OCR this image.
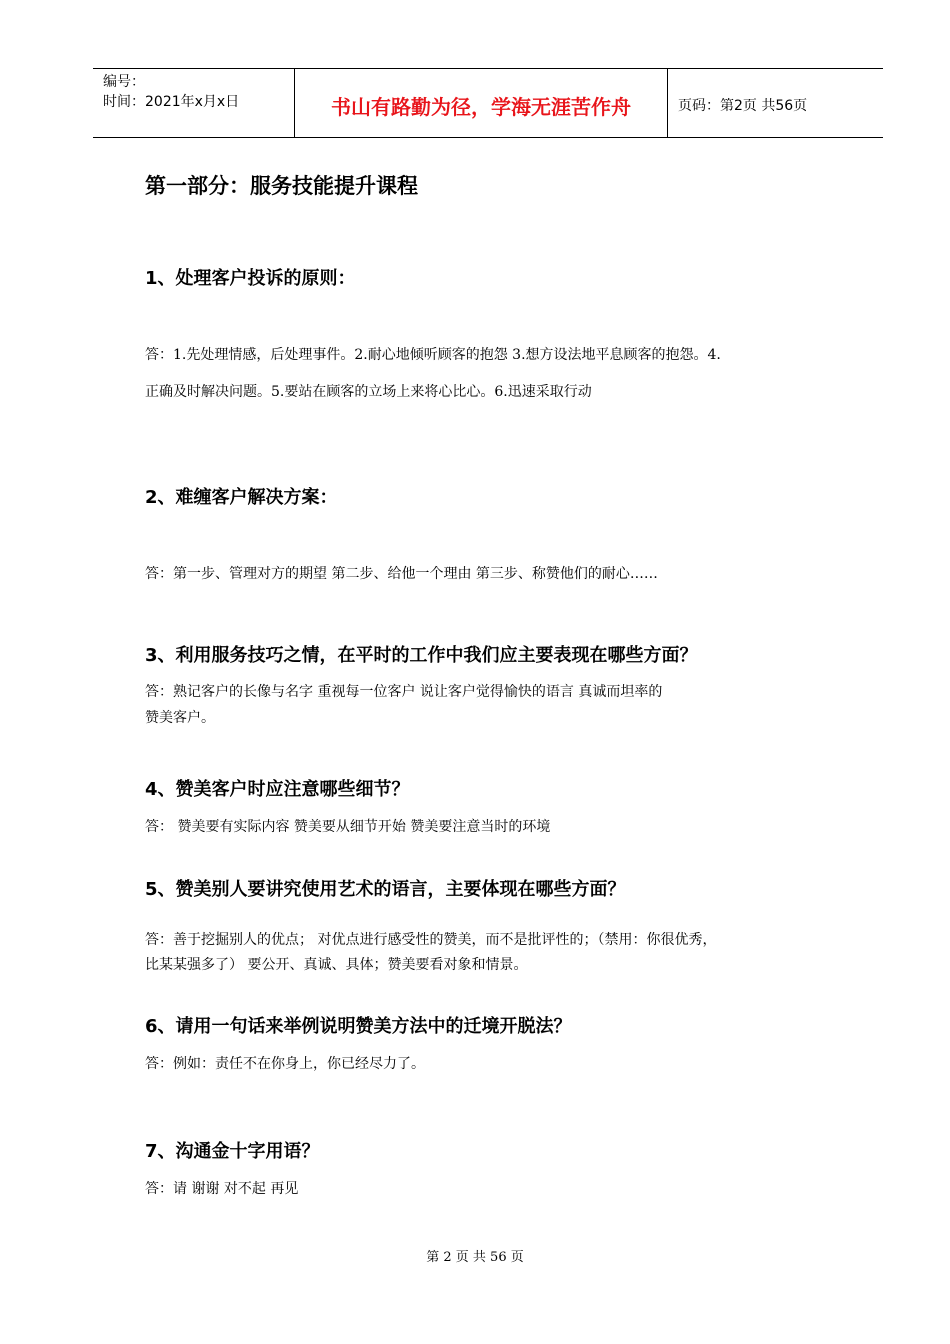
编号：
时间：2021年x月x日	书山有路勤为径，学海无涯苦作舟	页码：第2页 共56页
第一部分：服务技能提升课程
1、处理客户投诉的原则：
答：1.先处理情感，后处理事件。2.耐心地倾听顾客的抱怨 3.想方设法地平息顾客的抱怨。4.
正确及时解决问题。5.要站在顾客的立场上来将心比心。6.迅速采取行动
2、难缠客户解决方案：
答：第一步、管理对方的期望 第二步、给他一个理由 第三步、称赞他们的耐心……
3、利用服务技巧之情，在平时的工作中我们应主要表现在哪些方面？
答：熟记客户的长像与名字 重视每一位客户 说让客户觉得愉快的语言 真诚而坦率的
赞美客户。
4、赞美客户时应注意哪些细节？
答： 赞美要有实际内容 赞美要从细节开始 赞美要注意当时的环境
5、赞美别人要讲究使用艺术的语言，主要体现在哪些方面？
答：善于挖掘别人的优点； 对优点进行感受性的赞美，而不是批评性的；（禁用：你很优秀，
比某某强多了） 要公开、真诚、具体；赞美要看对象和情景。
6、请用一句话来举例说明赞美方法中的迁境开脱法？
答：例如：责任不在你身上，你已经尽力了。
7、沟通金十字用语？
答：请 谢谢 对不起 再见
第 2 页 共 56 页
